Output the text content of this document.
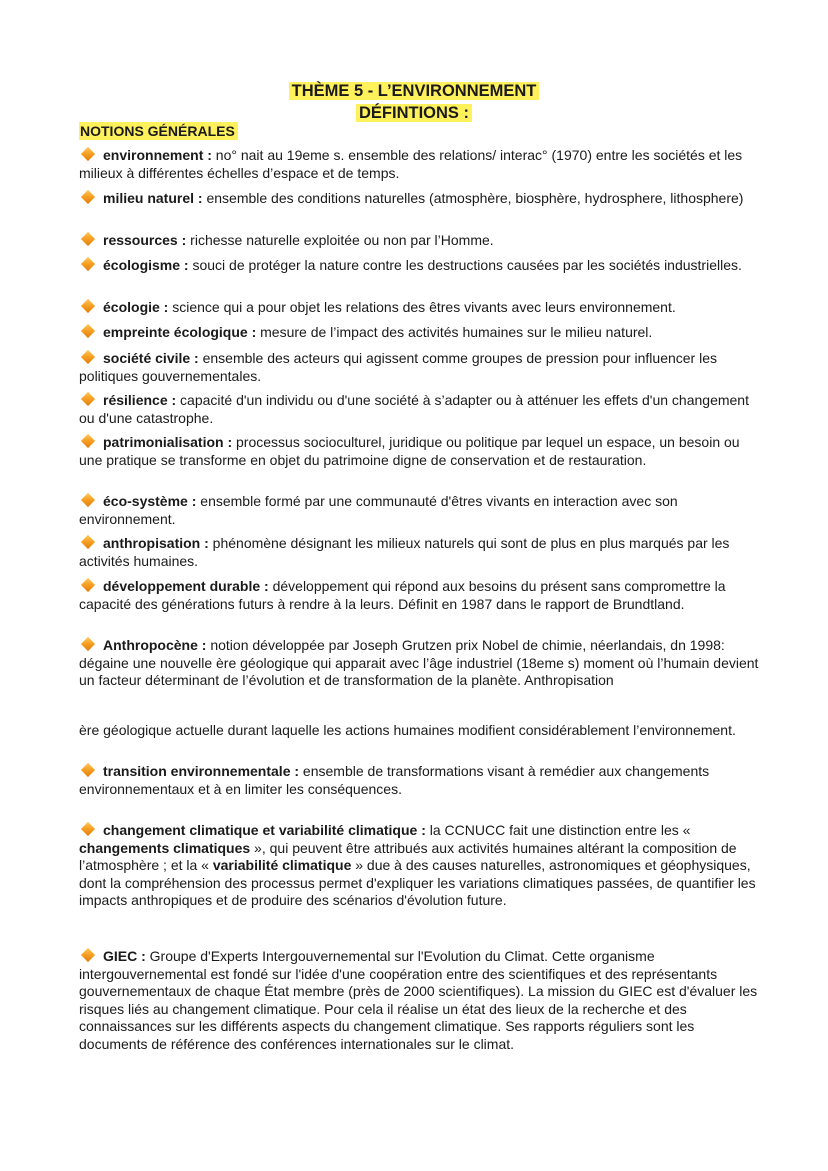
THÈME 5 - L’ENVIRONNEMENT
DÉFINTIONS :
NOTIONS GÉNÉRALES
environnement : no° nait au 19eme s. ensemble des relations/ interac° (1970) entre les sociétés et les milieux à différentes échelles d’espace et de temps.
milieu naturel : ensemble des conditions naturelles (atmosphère, biosphère, hydrosphere, lithosphere)
ressources : richesse naturelle exploitée ou non par l’Homme.
écologisme : souci de protéger la nature contre les destructions causées par les sociétés industrielles.
écologie : science qui a pour objet les relations des êtres vivants avec leurs environnement.
empreinte écologique : mesure de l’impact des activités humaines sur le milieu naturel.
société civile : ensemble des acteurs qui agissent comme groupes de pression pour influencer les politiques gouvernementales.
résilience : capacité d'un individu ou d'une société à s’adapter ou à atténuer les effets d'un changement ou d'une catastrophe.
patrimonialisation : processus socioculturel, juridique ou politique par lequel un espace, un besoin ou une pratique se transforme en objet du patrimoine digne de conservation et de restauration.
éco-système : ensemble formé par une communauté d'êtres vivants en interaction avec son environnement.
anthropisation : phénomène désignant les milieux naturels qui sont de plus en plus marqués par les activités humaines.
développement durable : développement qui répond aux besoins du présent sans compromettre la capacité des générations futurs à rendre à la leurs. Définit en 1987 dans le rapport de Brundtland.
Anthropocène : notion développée par Joseph Grutzen prix Nobel de chimie, néerlandais, dn 1998: dégaine une nouvelle ère géologique qui apparait avec l’âge industriel (18eme s) moment où l’humain devient un facteur déterminant de l’évolution et de transformation de la planète. Anthropisation
ère géologique actuelle durant laquelle les actions humaines modifient considérablement l’environnement.
transition environnementale : ensemble de transformations visant à remédier aux changements environnementaux et à en limiter les conséquences.
changement climatique et variabilité climatique : la CCNUCC fait une distinction entre les « changements climatiques », qui peuvent être attribués aux activités humaines altérant la composition de l’atmosphère ; et la « variabilité climatique » due à des causes naturelles, astronomiques et géophysiques, dont la compréhension des processus permet d'expliquer les variations climatiques passées, de quantifier les impacts anthropiques et de produire des scénarios d'évolution future.
GIEC : Groupe d'Experts Intergouvernemental sur l'Evolution du Climat. Cette organisme intergouvernemental est fondé sur l'idée d'une coopération entre des scientifiques et des représentants gouvernementaux de chaque État membre (près de 2000 scientifiques). La mission du GIEC est d'évaluer les risques liés au changement climatique. Pour cela il réalise un état des lieux de la recherche et des connaissances sur les différents aspects du changement climatique. Ses rapports réguliers sont les documents de référence des conférences internationales sur le climat.
